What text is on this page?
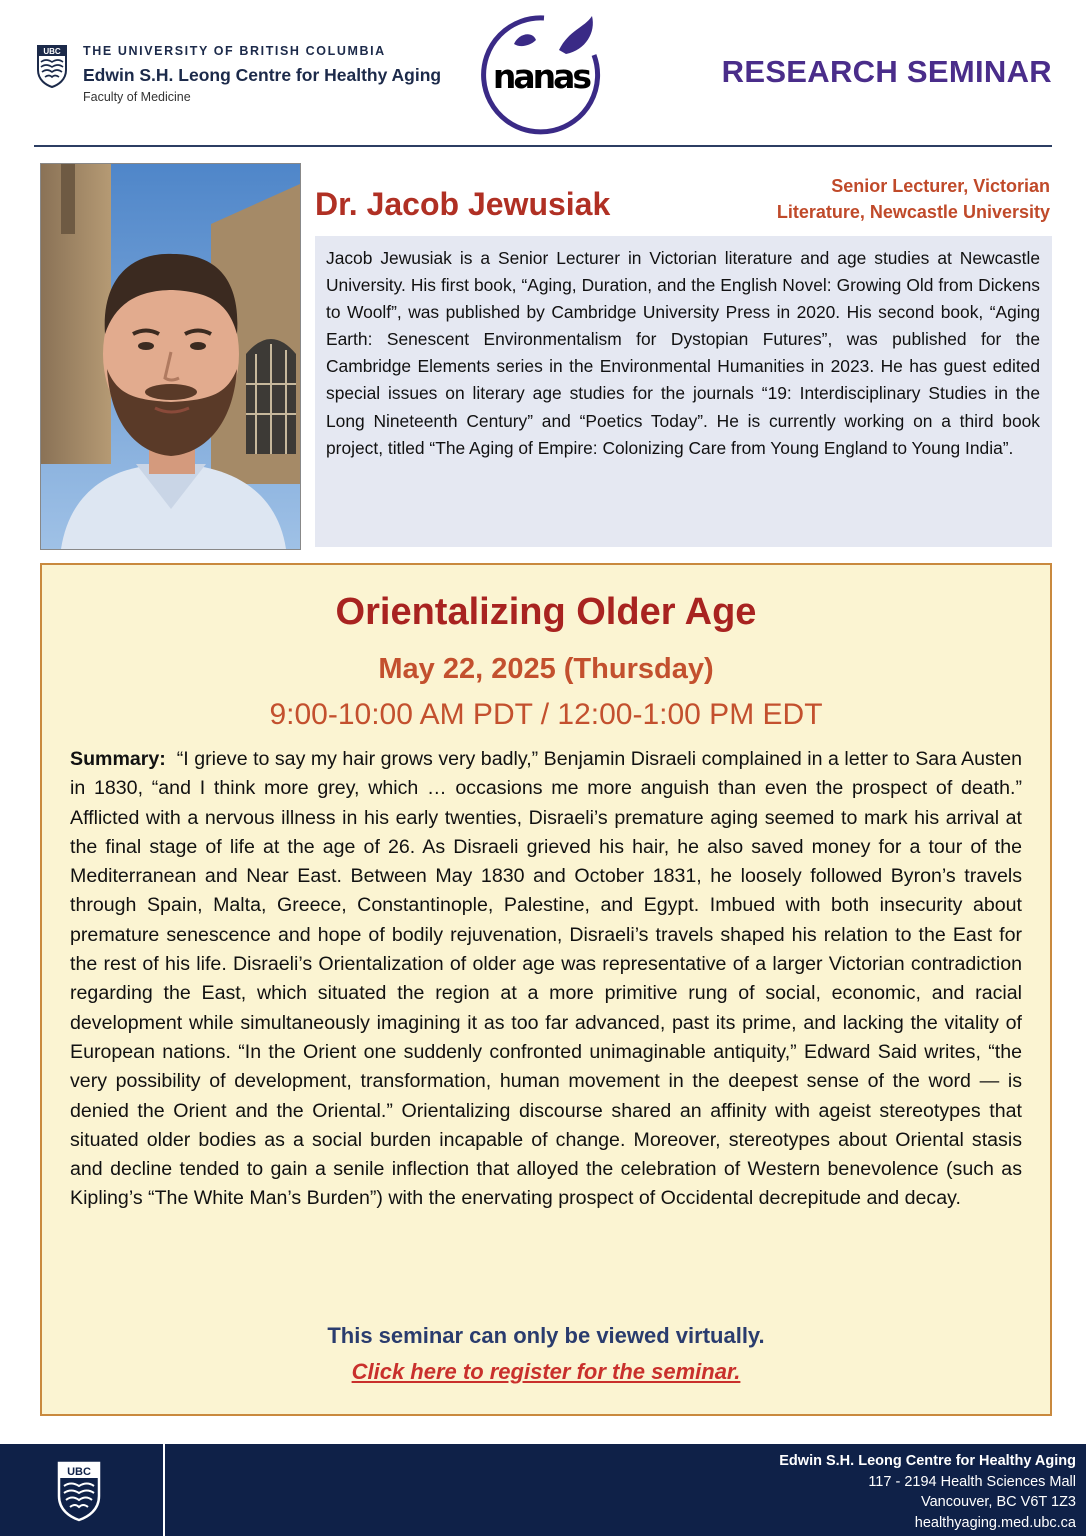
UBC THE UNIVERSITY OF BRITISH COLUMBIA
Edwin S.H. Leong Centre for Healthy Aging
Faculty of Medicine
nanas	RESEARCH SEMINAR
Dr. Jacob Jewusiak	Senior Lecturer, Victorian
Literature, Newcastle University

Jacob Jewusiak is a Senior Lecturer in Victorian literature and age studies at Newcastle University. His first book, “Aging, Duration, and the English Novel: Growing Old from Dickens to Woolf”, was published by Cambridge University Press in 2020. His second book, “Aging Earth: Senescent Environmentalism for Dystopian Futures”, was published for the Cambridge Elements series in the Environmental Humanities in 2023. He has guest edited special issues on literary age studies for the journals “19: Interdisciplinary Studies in the Long Nineteenth Century” and “Poetics Today”. He is currently working on a third book project, titled “The Aging of Empire: Colonizing Care from Young England to Young India”.

Orientalizing Older Age
May 22, 2025 (Thursday)
9:00-10:00 AM PDT / 12:00-1:00 PM EDT

Summary: “I grieve to say my hair grows very badly,” Benjamin Disraeli complained in a letter to Sara Austen in 1830, “and I think more grey, which … occasions me more anguish than even the prospect of death.” Afflicted with a nervous illness in his early twenties, Disraeli’s premature aging seemed to mark his arrival at the final stage of life at the age of 26. As Disraeli grieved his hair, he also saved money for a tour of the Mediterranean and Near East. Between May 1830 and October 1831, he loosely followed Byron’s travels through Spain, Malta, Greece, Constantinople, Palestine, and Egypt. Imbued with both insecurity about premature senescence and hope of bodily rejuvenation, Disraeli’s travels shaped his relation to the East for the rest of his life. Disraeli’s Orientalization of older age was representative of a larger Victorian contradiction regarding the East, which situated the region at a more primitive rung of social, economic, and racial development while simultaneously imagining it as too far advanced, past its prime, and lacking the vitality of European nations. “In the Orient one suddenly confronted unimaginable antiquity,” Edward Said writes, “the very possibility of development, transformation, human movement in the deepest sense of the word — is denied the Orient and the Oriental.” Orientalizing discourse shared an affinity with ageist stereotypes that situated older bodies as a social burden incapable of change. Moreover, stereotypes about Oriental stasis and decline tended to gain a senile inflection that alloyed the celebration of Western benevolence (such as Kipling’s “The White Man’s Burden”) with the enervating prospect of Occidental decrepitude and decay.

This seminar can only be viewed virtually.
Click here to register for the seminar.
UBC
Edwin S.H. Leong Centre for Healthy Aging
117 - 2194 Health Sciences Mall
Vancouver, BC V6T 1Z3
healthyaging.med.ubc.ca
